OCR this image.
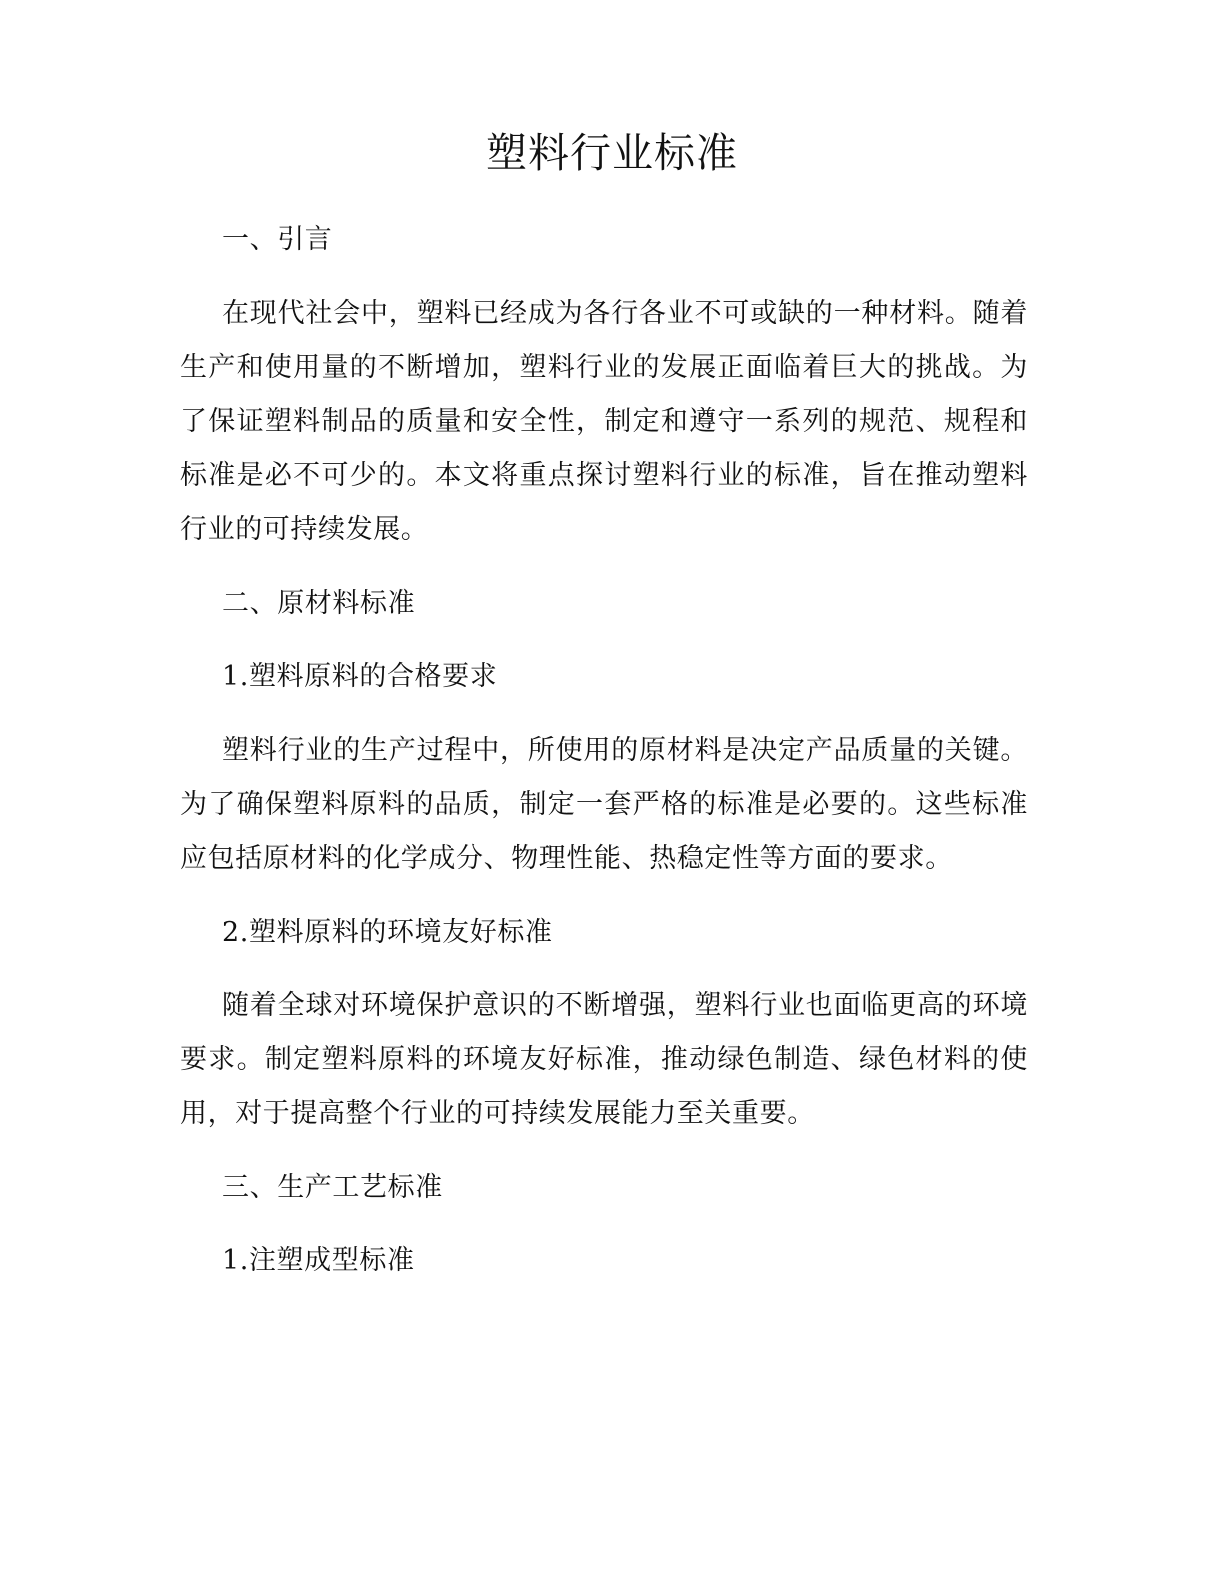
塑料行业标准
一、引言
在现代社会中，塑料已经成为各行各业不可或缺的一种材料。随着生产和使用量的不断增加，塑料行业的发展正面临着巨大的挑战。为了保证塑料制品的质量和安全性，制定和遵守一系列的规范、规程和标准是必不可少的。本文将重点探讨塑料行业的标准，旨在推动塑料行业的可持续发展。
二、原材料标准
1.塑料原料的合格要求
塑料行业的生产过程中，所使用的原材料是决定产品质量的关键。为了确保塑料原料的品质，制定一套严格的标准是必要的。这些标准应包括原材料的化学成分、物理性能、热稳定性等方面的要求。
2.塑料原料的环境友好标准
随着全球对环境保护意识的不断增强，塑料行业也面临更高的环境要求。制定塑料原料的环境友好标准，推动绿色制造、绿色材料的使用，对于提高整个行业的可持续发展能力至关重要。
三、生产工艺标准
1.注塑成型标准
